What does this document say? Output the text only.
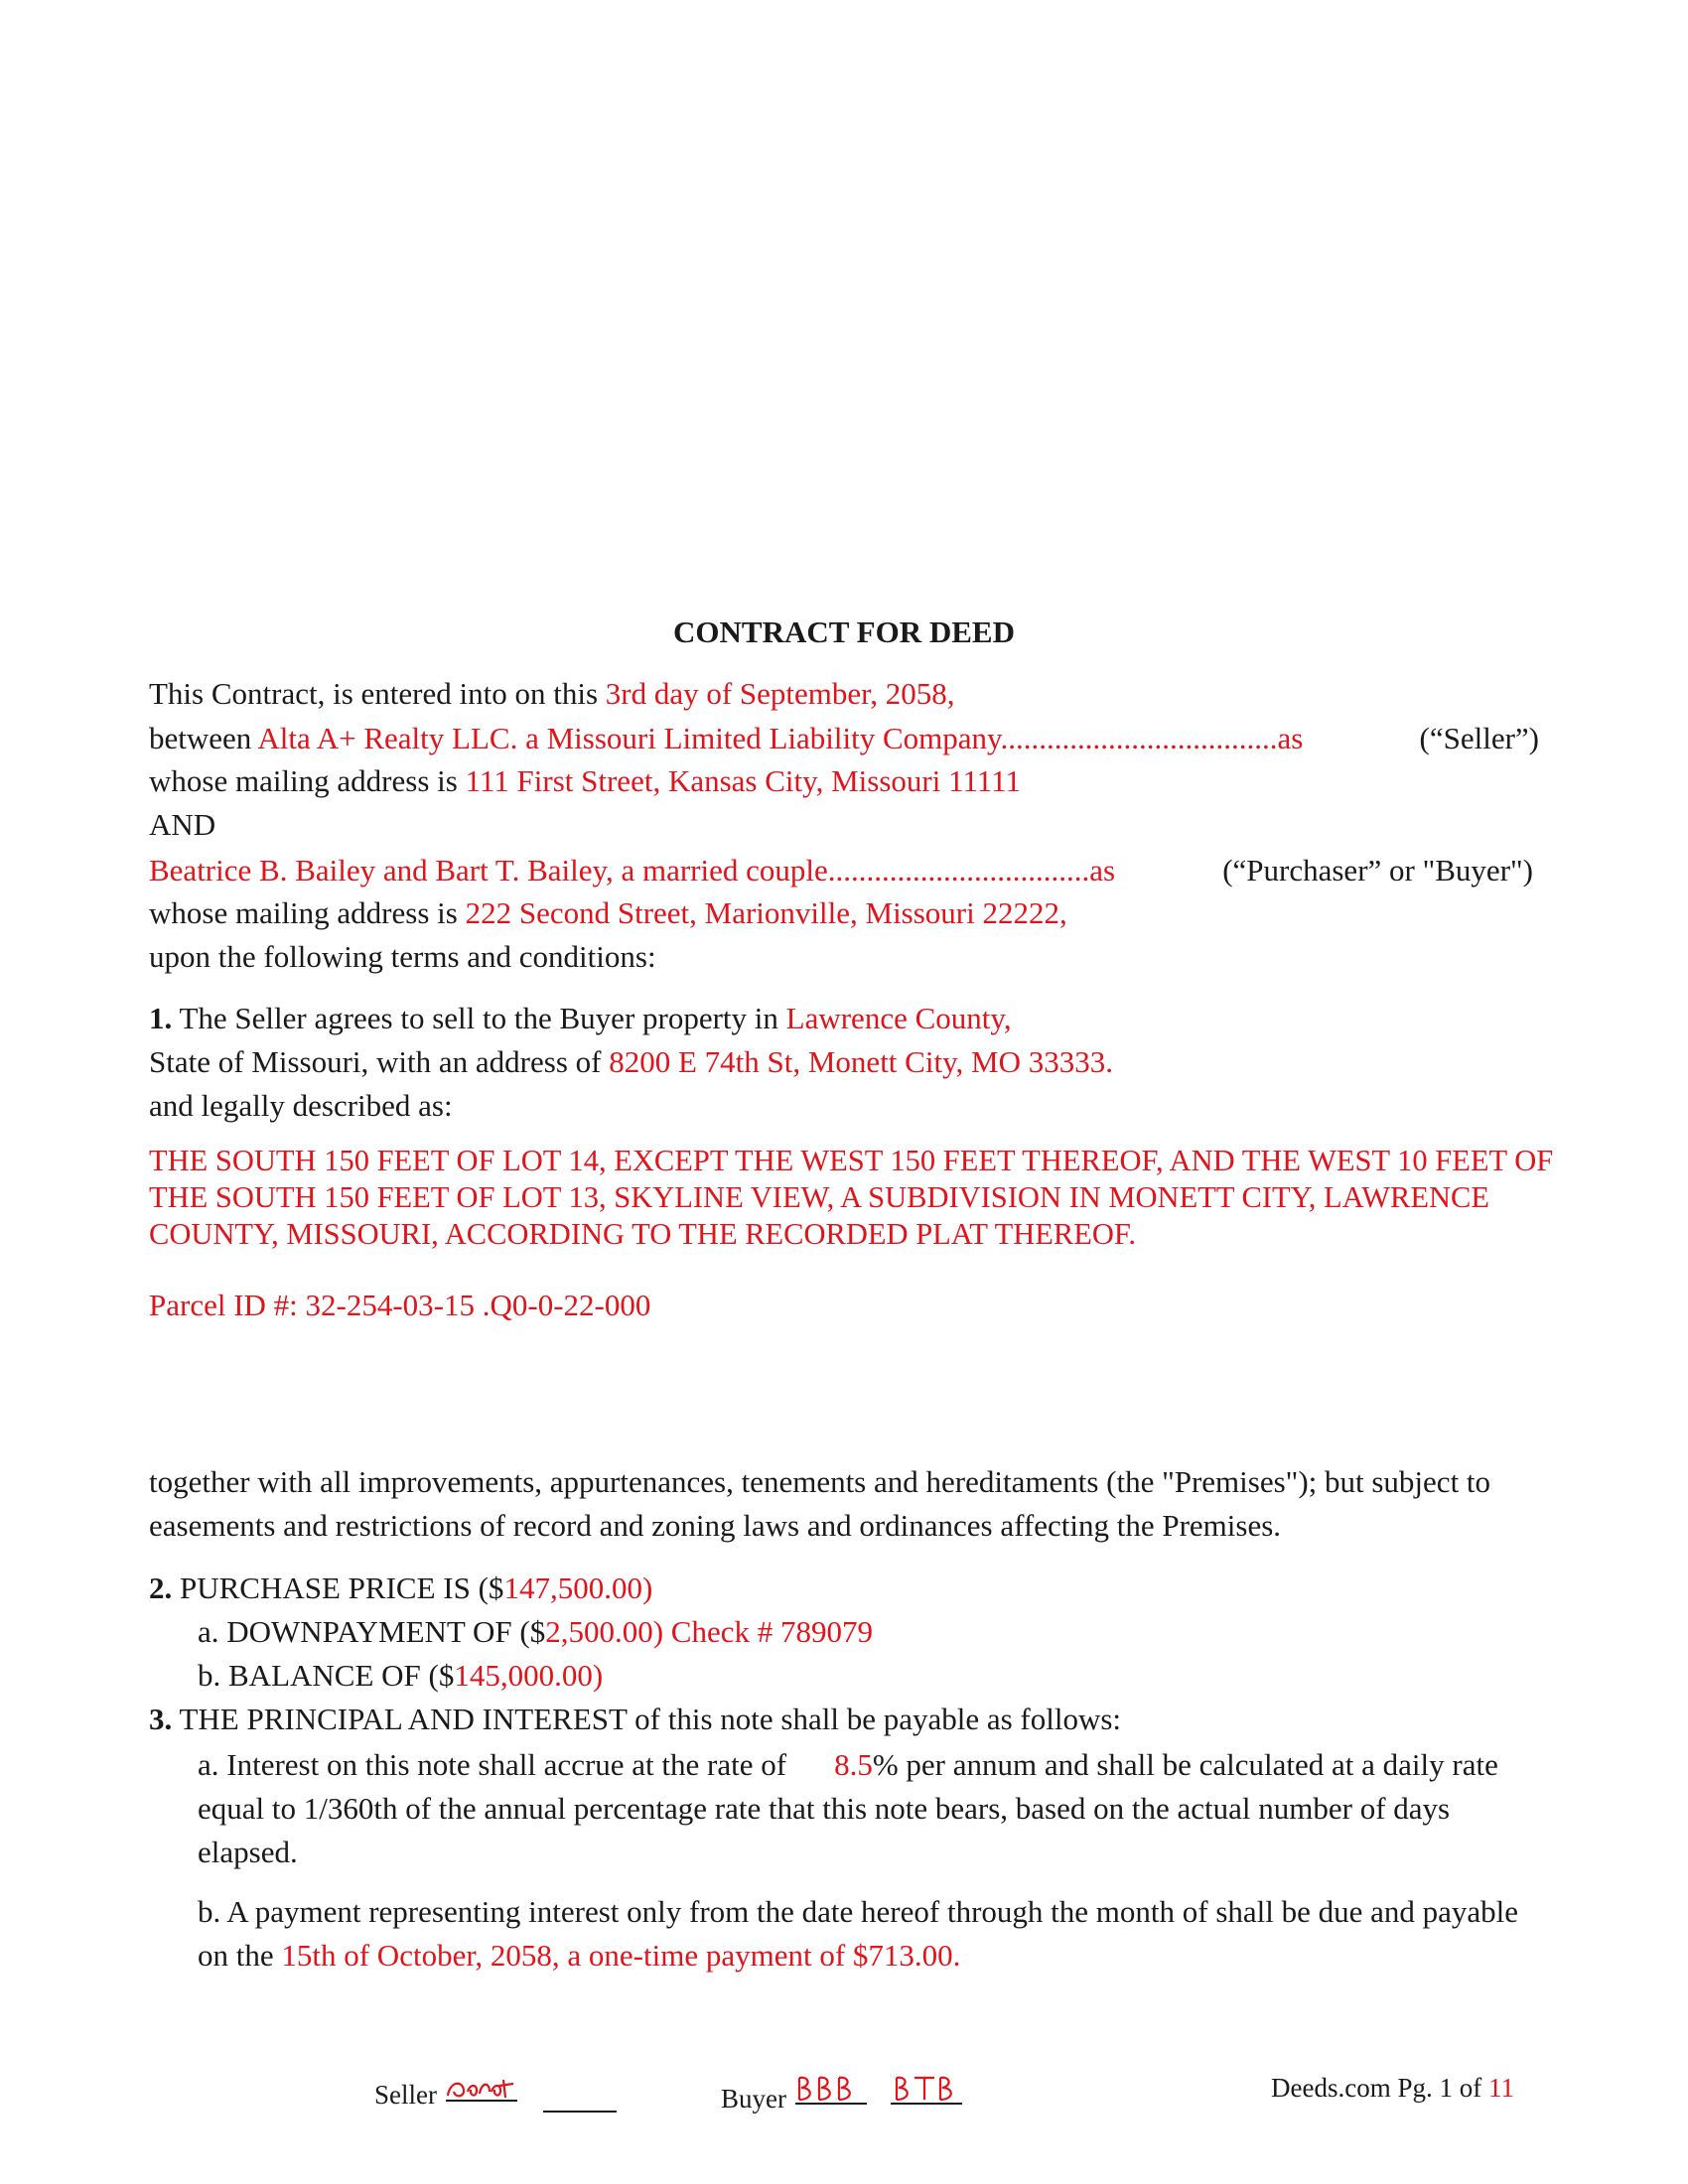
CONTRACT FOR DEED
This Contract, is entered into on this 3rd day of September, 2058,
between Alta A+ Realty LLC. a Missouri Limited Liability Company....................................as	(“Seller”)
whose mailing address is 111 First Street, Kansas City, Missouri 11111
AND
Beatrice B. Bailey and Bart T. Bailey, a married couple..................................as	(“Purchaser” or "Buyer")
whose mailing address is 222 Second Street, Marionville, Missouri 22222,
upon the following terms and conditions:
1. The Seller agrees to sell to the Buyer property in Lawrence County,
State of Missouri, with an address of 8200 E 74th St, Monett City, MO 33333.
and legally described as:
THE SOUTH 150 FEET OF LOT 14, EXCEPT THE WEST 150 FEET THEREOF, AND THE WEST 10 FEET OF THE SOUTH 150 FEET OF LOT 13, SKYLINE VIEW, A SUBDIVISION IN MONETT CITY, LAWRENCE COUNTY, MISSOURI, ACCORDING TO THE RECORDED PLAT THEREOF.
Parcel ID #: 32-254-03-15 .Q0-0-22-000
together with all improvements, appurtenances, tenements and hereditaments (the "Premises"); but subject to easements and restrictions of record and zoning laws and ordinances affecting the Premises.
2. PURCHASE PRICE IS ($147,500.00)
a. DOWNPAYMENT OF ($2,500.00) Check # 789079
b. BALANCE OF ($145,000.00)
3. THE PRINCIPAL AND INTEREST of this note shall be payable as follows:
a. Interest on this note shall accrue at the rate of 8.5% per annum and shall be calculated at a daily rate equal to 1/360th of the annual percentage rate that this note bears, based on the actual number of days elapsed.
b. A payment representing interest only from the date hereof through the month of shall be due and payable on the 15th of October, 2058, a one-time payment of $713.00.
Seller	Buyer	Deeds.com Pg. 1 of 11
